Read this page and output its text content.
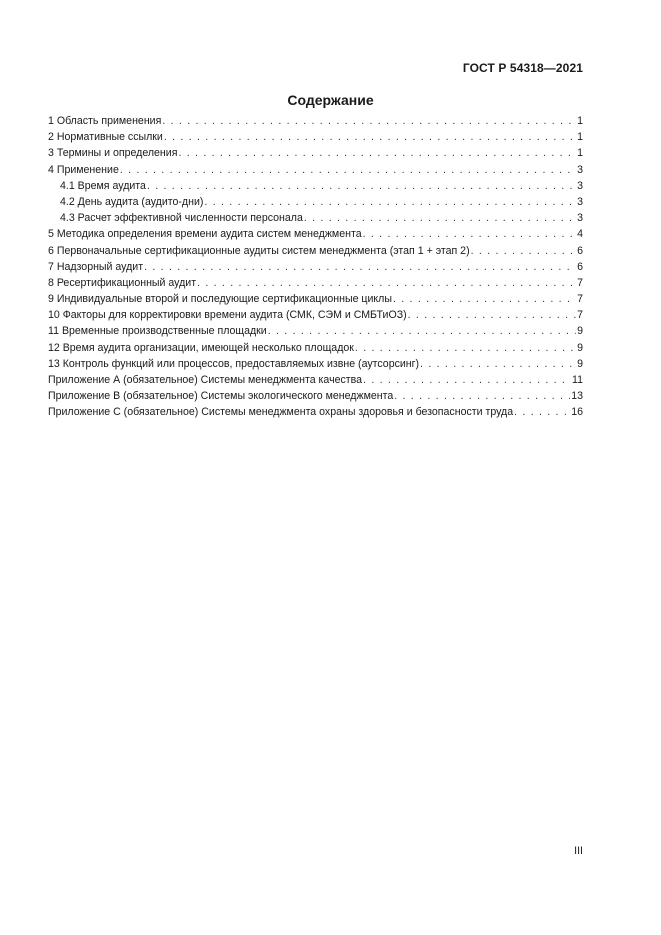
ГОСТ Р 54318—2021
Содержание
1 Область применения . . .	1
2 Нормативные ссылки . . .	1
3 Термины и определения . . .	1
4 Применение . . .	3
4.1 Время аудита . . .	3
4.2 День аудита (аудито-дни) . . .	3
4.3 Расчет эффективной численности персонала . . .	3
5 Методика определения времени аудита систем менеджмента . . .	4
6 Первоначальные сертификационные аудиты систем менеджмента (этап 1 + этап 2) . . .	6
7 Надзорный аудит . . .	6
8 Ресертификационный аудит . . .	7
9 Индивидуальные второй и последующие сертификационные циклы . . .	7
10 Факторы для корректировки времени аудита (СМК, СЭМ и СМБТиОЗ) . . .	7
11 Временные производственные площадки . . .	9
12 Время аудита организации, имеющей несколько площадок . . .	9
13 Контроль функций или процессов, предоставляемых извне (аутсорсинг) . . .	9
Приложение А (обязательное) Системы менеджмента качества . . .	11
Приложение В (обязательное) Системы экологического менеджмента . . .	13
Приложение С (обязательное) Системы менеджмента охраны здоровья и безопасности труда . . .	16
III
